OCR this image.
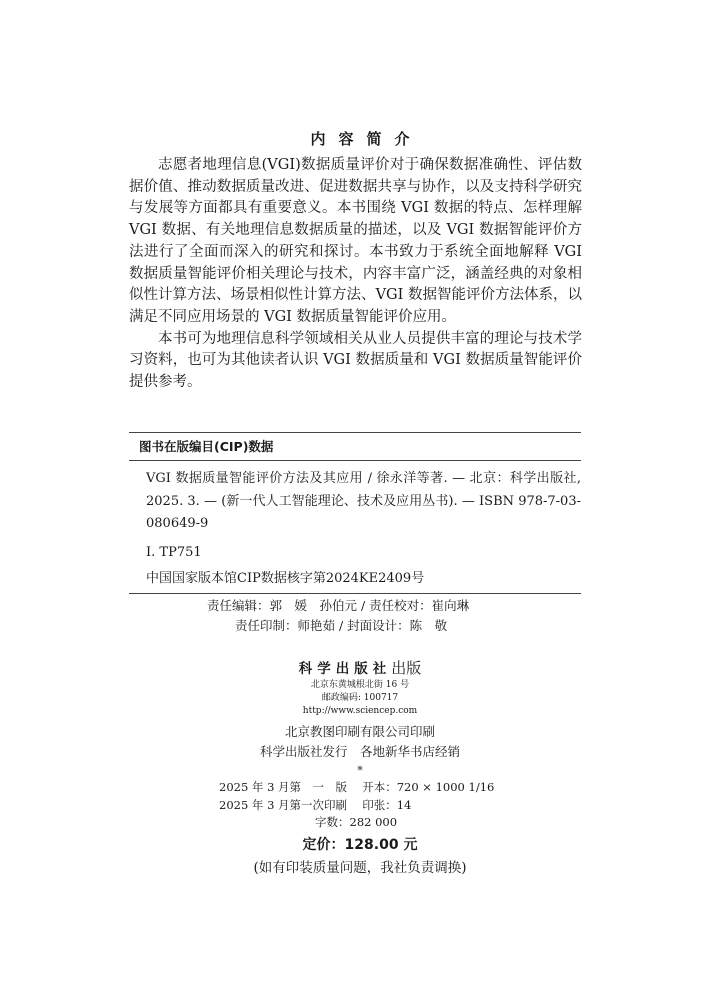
内容简介

志愿者地理信息(VGI)数据质量评价对于确保数据准确性、评估数据价值、推动数据质量改进、促进数据共享与协作，以及支持科学研究与发展等方面都具有重要意义。本书围绕 VGI 数据的特点、怎样理解 VGI 数据、有关地理信息数据质量的描述，以及 VGI 数据智能评价方法进行了全面而深入的研究和探讨。本书致力于系统全面地解释 VGI 数据质量智能评价相关理论与技术，内容丰富广泛，涵盖经典的对象相似性计算方法、场景相似性计算方法、VGI 数据智能评价方法体系，以满足不同应用场景的 VGI 数据质量智能评价应用。

本书可为地理信息科学领域相关从业人员提供丰富的理论与技术学习资料，也可为其他读者认识 VGI 数据质量和 VGI 数据质量智能评价提供参考。

图书在版编目(CIP)数据
VGI 数据质量智能评价方法及其应用 / 徐永洋等著. — 北京：科学出版社, 2025. 3. — (新一代人工智能理论、技术及应用丛书). — ISBN 978-7-03-080649-9
Ⅰ. TP751
中国国家版本馆CIP数据核字第2024KE2409号
责任编辑：郭　媛　孙伯元 / 责任校对：崔向琳
责任印制：师艳茹 / 封面设计：陈　敬
科学出版社出版
北京东黄城根北街 16 号
邮政编码: 100717
http://www.sciencep.com
北京教图印刷有限公司印刷
科学出版社发行　各地新华书店经销
*
2025 年 3 月第　一　版　 开本：720 × 1000 1/16
2025 年 3 月第一次印刷　 印张：14
字数：282 000
定价：128.00 元
(如有印装质量问题，我社负责调换)
